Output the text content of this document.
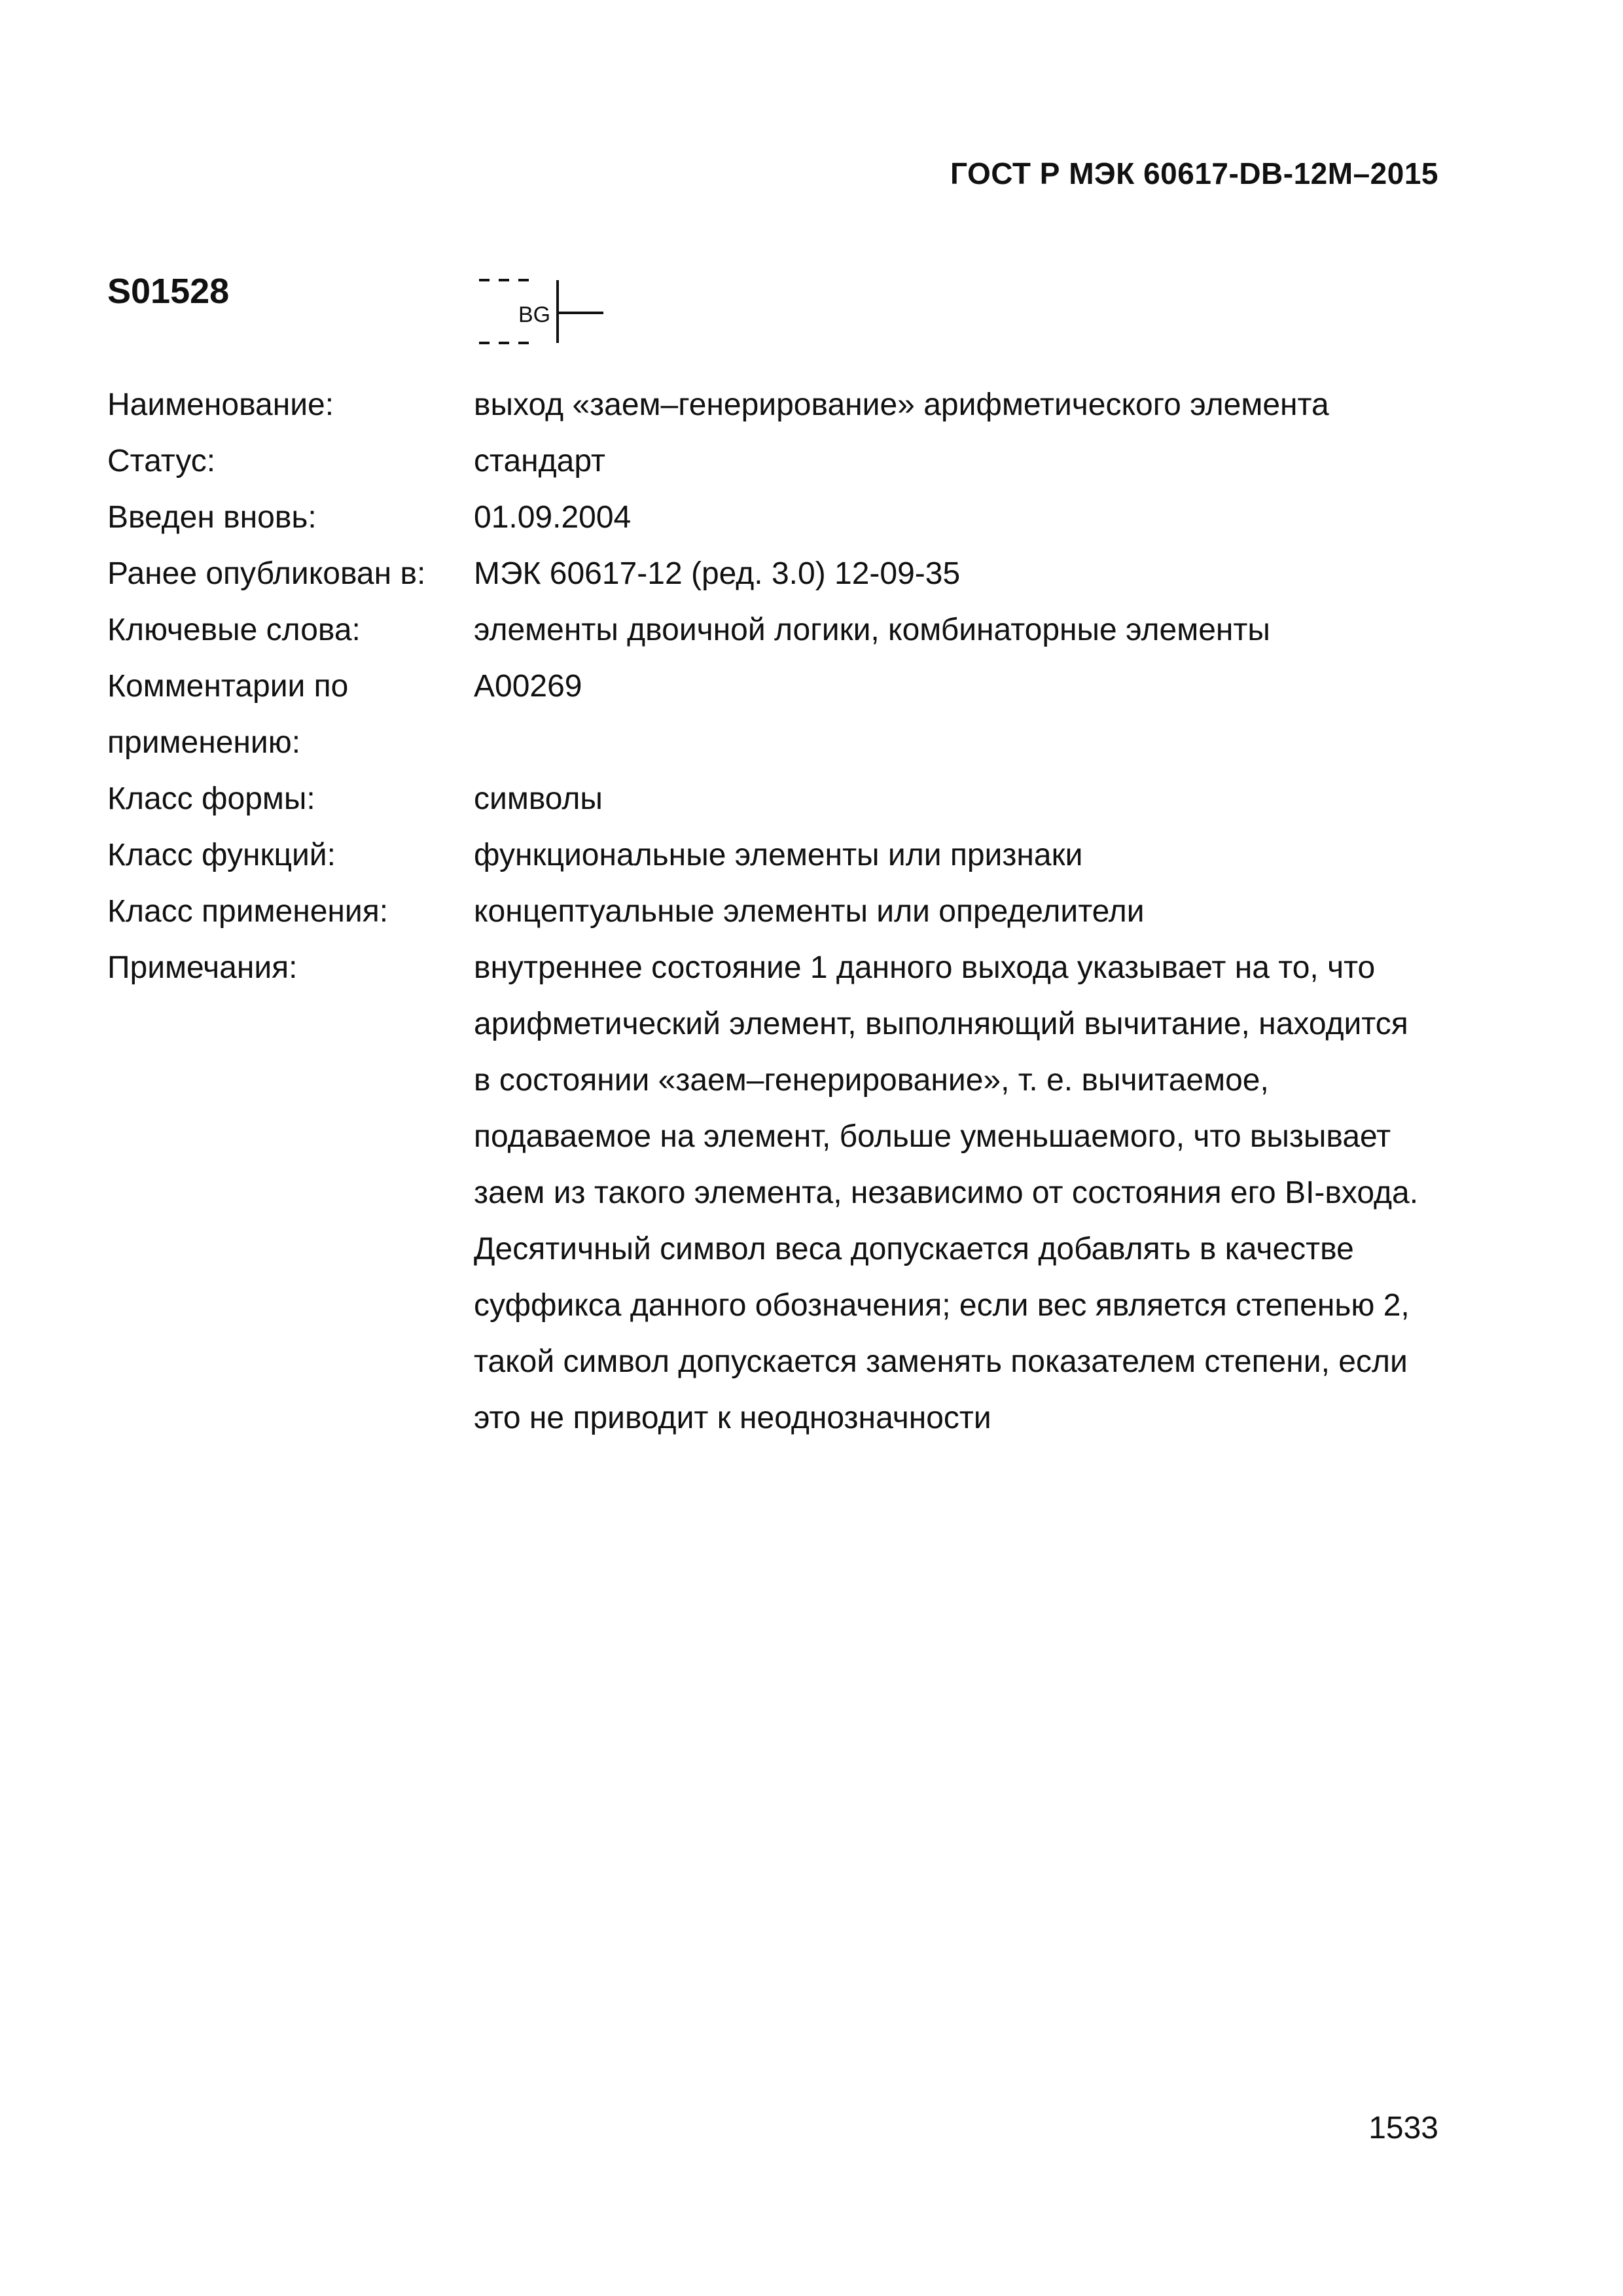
ГОСТ Р МЭК 60617-DB-12M–2015
S01528
BG
Наименование:	выход «заем–генерирование» арифметического элемента
Статус:	стандарт
Введен вновь:	01.09.2004
Ранее опубликован в:	МЭК 60617-12 (ред. 3.0) 12-09-35
Ключевые слова:	элементы двоичной логики, комбинаторные элементы
Комментарии по	A00269
применению:
Класс формы:	символы
Класс функций:	функциональные элементы или признаки
Класс применения:	концептуальные элементы или определители
Примечания:	внутреннее состояние 1 данного выхода указывает на то, что
арифметический элемент, выполняющий вычитание, находится
в состоянии «заем–генерирование», т. е. вычитаемое,
подаваемое на элемент, больше уменьшаемого, что вызывает
заем из такого элемента, независимо от состояния его BI-входа.
Десятичный символ веса допускается добавлять в качестве
суффикса данного обозначения; если вес является степенью 2,
такой символ допускается заменять показателем степени, если
это не приводит к неоднозначности
1533
